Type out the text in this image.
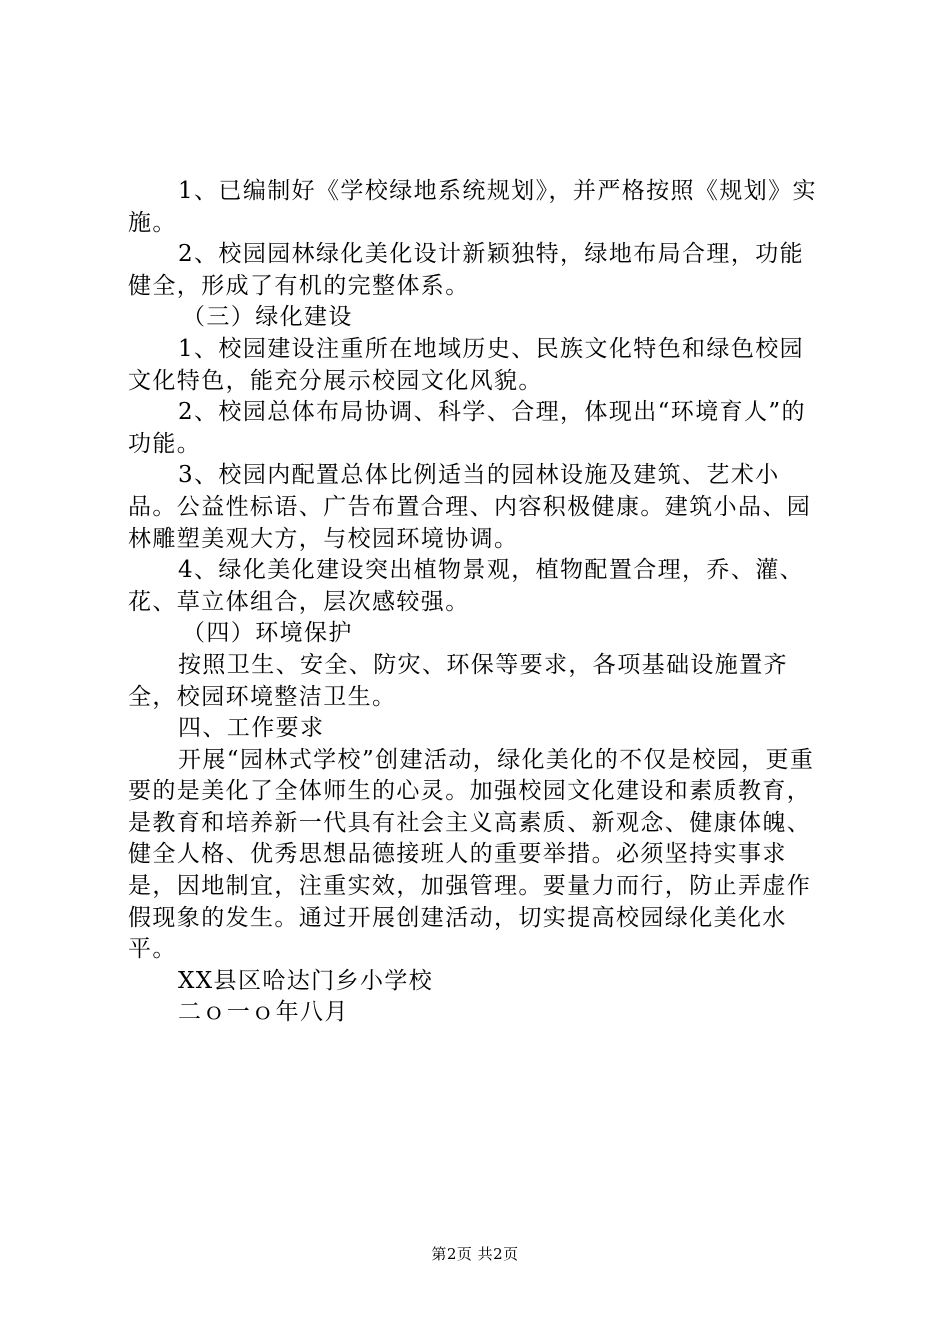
1、已编制好《学校绿地系统规划》，并严格按照《规划》实施。

2、校园园林绿化美化设计新颖独特，绿地布局合理，功能健全，形成了有机的完整体系。

（三）绿化建设

1、校园建设注重所在地域历史、民族文化特色和绿色校园文化特色，能充分展示校园文化风貌。

2、校园总体布局协调、科学、合理，体现出“环境育人”的功能。

3、校园内配置总体比例适当的园林设施及建筑、艺术小品。公益性标语、广告布置合理、内容积极健康。建筑小品、园林雕塑美观大方，与校园环境协调。

4、绿化美化建设突出植物景观，植物配置合理，乔、灌、花、草立体组合，层次感较强。

（四）环境保护

按照卫生、安全、防灾、环保等要求，各项基础设施置齐全，校园环境整洁卫生。

四、工作要求

开展“园林式学校”创建活动，绿化美化的不仅是校园，更重要的是美化了全体师生的心灵。加强校园文化建设和素质教育，是教育和培养新一代具有社会主义高素质、新观念、健康体魄、健全人格、优秀思想品德接班人的重要举措。必须坚持实事求是，因地制宜，注重实效，加强管理。要量力而行，防止弄虚作假现象的发生。通过开展创建活动，切实提高校园绿化美化水平。

XX县区哈达门乡小学校

二ｏ一ｏ年八月

第2页 共2页
